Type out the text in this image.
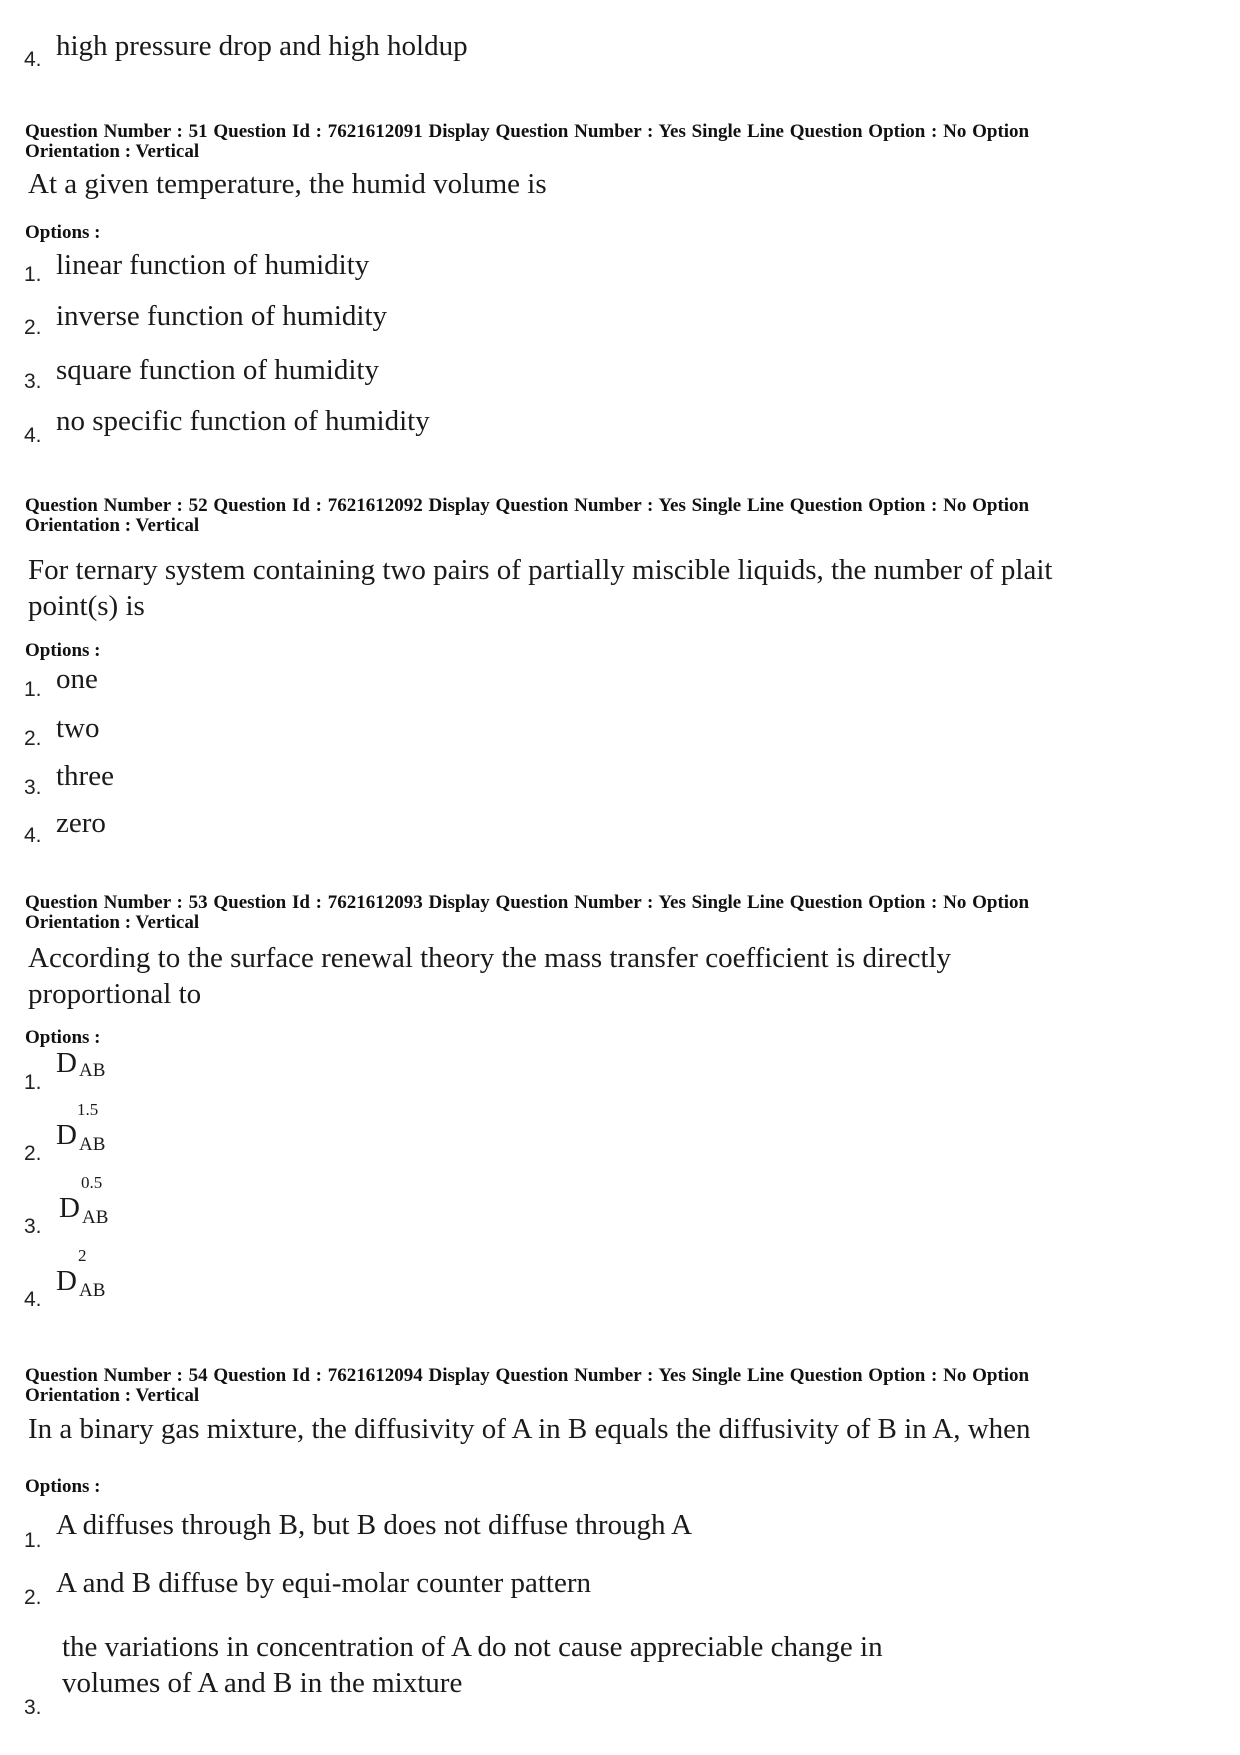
4. high pressure drop and high holdup
Question Number : 51 Question Id : 7621612091 Display Question Number : Yes Single Line Question Option : No Option
Orientation : Vertical
At a given temperature, the humid volume is
Options :
1. linear function of humidity
2. inverse function of humidity
3. square function of humidity
4. no specific function of humidity
Question Number : 52 Question Id : 7621612092 Display Question Number : Yes Single Line Question Option : No Option
Orientation : Vertical
For ternary system containing two pairs of partially miscible liquids, the number of plait
point(s) is
Options :
1. one
2. two
3. three
4. zero
Question Number : 53 Question Id : 7621612093 Display Question Number : Yes Single Line Question Option : No Option
Orientation : Vertical
According to the surface renewal theory the mass transfer coefficient is directly
proportional to
Options :
1.
D AB
2.
1.5
D AB
3.
0.5
D AB
4.
2
D AB
Question Number : 54 Question Id : 7621612094 Display Question Number : Yes Single Line Question Option : No Option
Orientation : Vertical
In a binary gas mixture, the diffusivity of A in B equals the diffusivity of B in A, when
Options :
1. A diffuses through B, but B does not diffuse through A
2. A and B diffuse by equi-molar counter pattern
3.
the variations in concentration of A do not cause appreciable change in
volumes of A and B in the mixture
